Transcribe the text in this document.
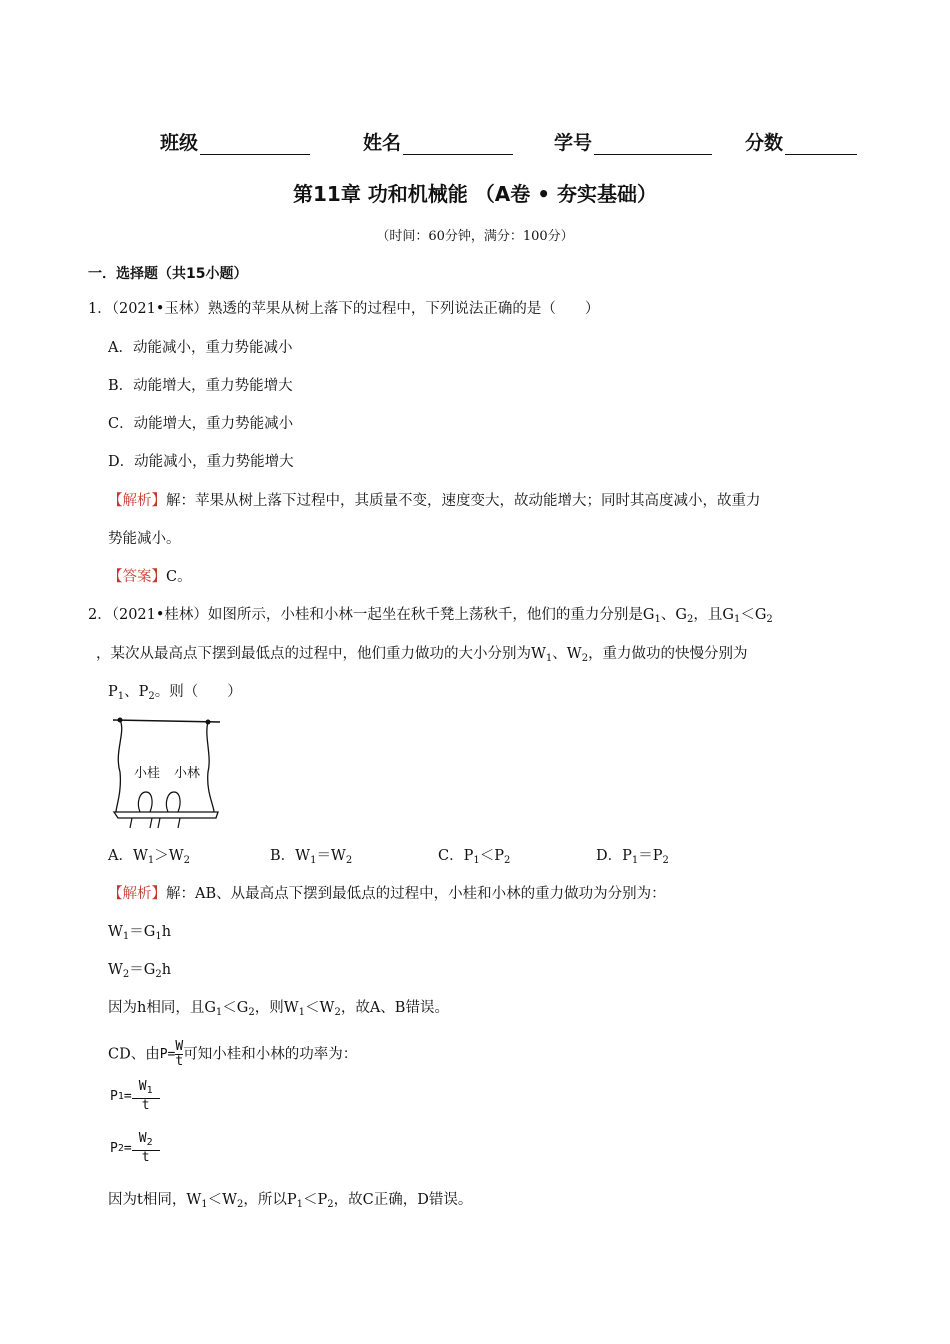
班级	姓名	学号	分数
第11章 功和机械能 （A卷 • 夯实基础）
（时间：60分钟，满分：100分）
一．选择题（共15小题）
1．（2021•玉林）熟透的苹果从树上落下的过程中，下列说法正确的是（　　）
A．动能减小，重力势能减小
B．动能增大，重力势能增大
C．动能增大，重力势能减小
D．动能减小，重力势能增大
【解析】解：苹果从树上落下过程中，其质量不变，速度变大，故动能增大；同时其高度减小，故重力
势能减小。
【答案】C。
2．（2021•桂林）如图所示，小桂和小林一起坐在秋千凳上荡秋千，他们的重力分别是$G_1$、$G_2$，且$G_1<G_2$
，某次从最高点下摆到最低点的过程中，他们重力做功的大小分别为$W_1$、$W_2$，重力做功的快慢分别为
$P_1$、$P_2$。则（　　）
小桂 小林
A．$W_1>W_2$	B．$W_1=W_2$	C．$P_1<P_2$	D．$P_1=P_2$
【解析】解：AB、从最高点下摆到最低点的过程中，小桂和小林的重力做功为分别为：
$W_1=G_1h$
$W_2=G_2h$
因为h相同，且$G_1<G_2$，则$W_1<W_2$，故A、B错误。
CD、由 $P= \frac{W}{t}$ 可知小桂和小林的功率为：
P $1 = \frac{W_1}{t}$
P $2 = \frac{W_2}{t}$
因为t相同，$W_1<W_2$，所以$P_1<P_2$，故C正确，D错误。
